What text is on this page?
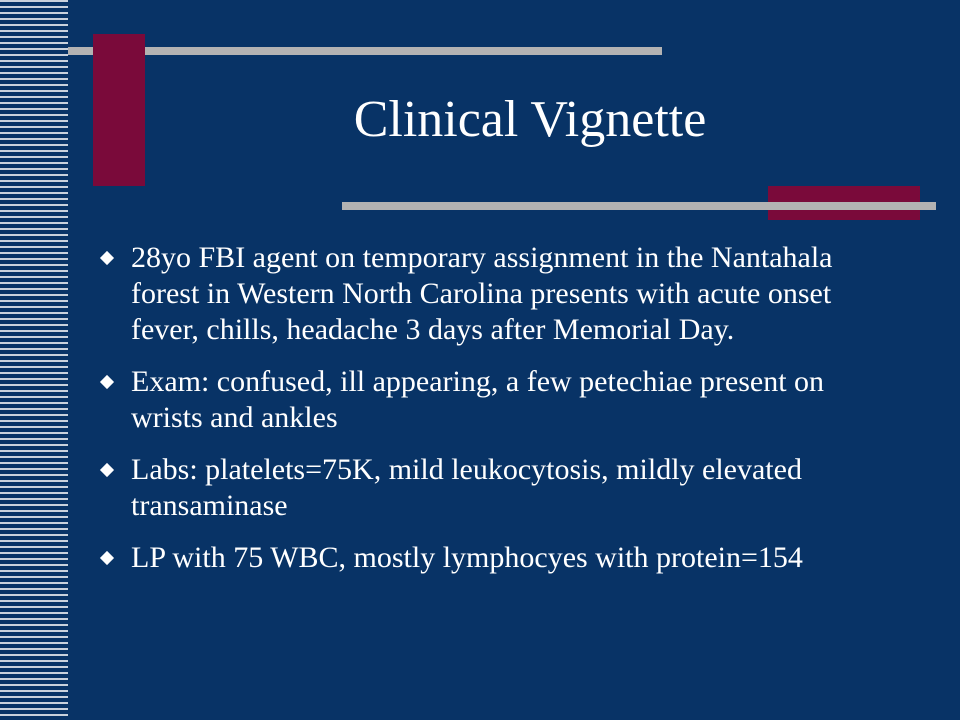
Clinical Vignette
28yo FBI agent on temporary assignment in the Nantahala forest in Western North Carolina presents with acute onset fever, chills, headache 3 days after Memorial Day.
Exam: confused, ill appearing, a few petechiae present on wrists and ankles
Labs: platelets=75K, mild leukocytosis, mildly elevated transaminase
LP with 75 WBC, mostly lymphocyes with protein=154
